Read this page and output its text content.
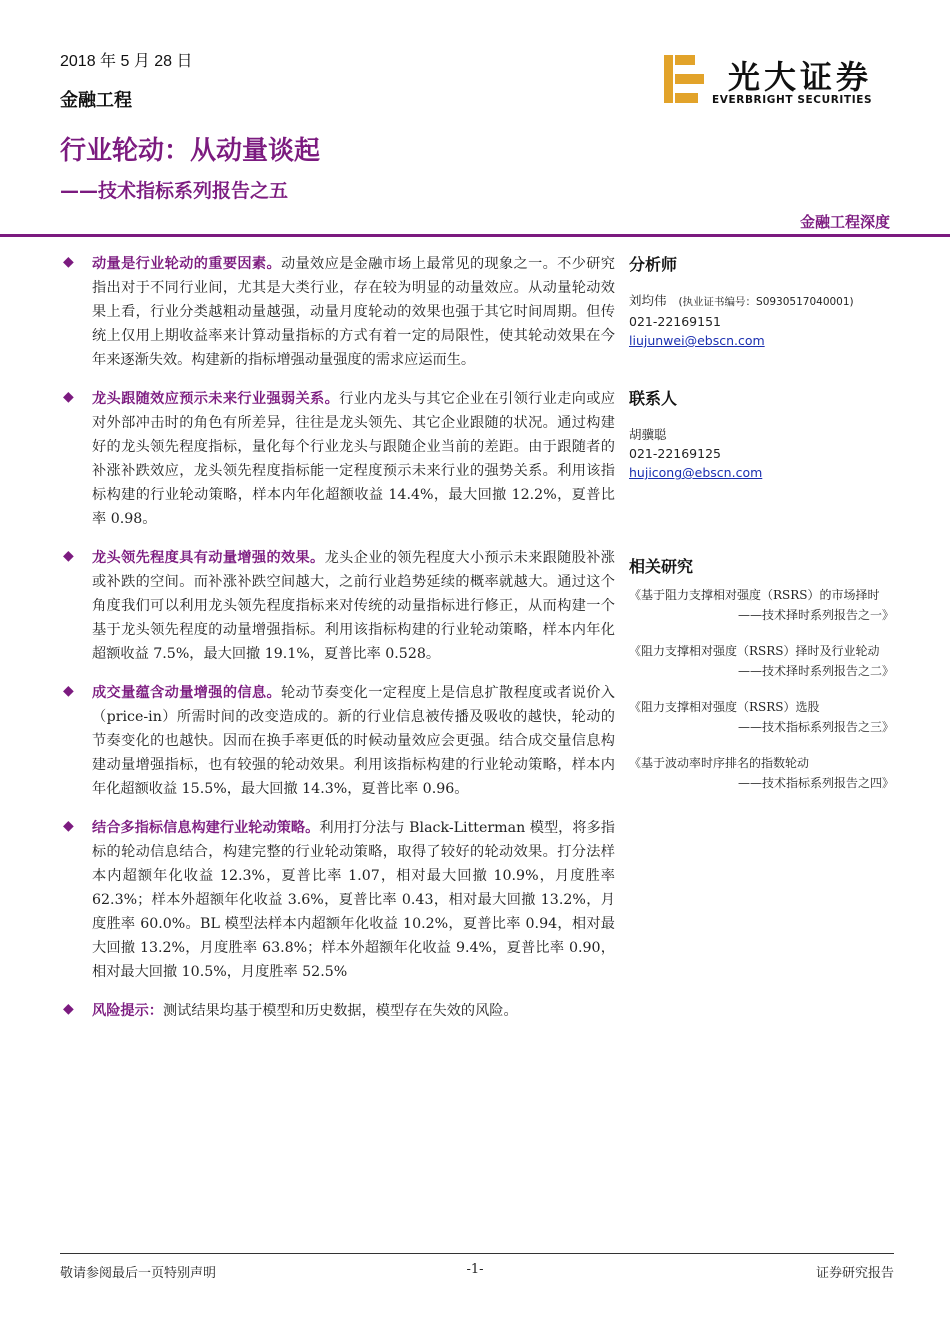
2018 年 5 月 28 日
金融工程
行业轮动：从动量谈起
——技术指标系列报告之五
金融工程深度
光大证券
EVERBRIGHT SECURITIES
◆ 动量是行业轮动的重要因素。动量效应是金融市场上最常见的现象之一。不少研究指出对于不同行业间，尤其是大类行业，存在较为明显的动量效应。从动量轮动效果上看，行业分类越粗动量越强，动量月度轮动的效果也强于其它时间周期。但传统上仅用上期收益率来计算动量指标的方式有着一定的局限性，使其轮动效果在今年来逐渐失效。构建新的指标增强动量强度的需求应运而生。

◆ 龙头跟随效应预示未来行业强弱关系。行业内龙头与其它企业在引领行业走向或应对外部冲击时的角色有所差异，往往是龙头领先、其它企业跟随的状况。通过构建好的龙头领先程度指标，量化每个行业龙头与跟随企业当前的差距。由于跟随者的补涨补跌效应，龙头领先程度指标能一定程度预示未来行业的强势关系。利用该指标构建的行业轮动策略，样本内年化超额收益 14.4%，最大回撤 12.2%，夏普比率 0.98。

◆ 龙头领先程度具有动量增强的效果。龙头企业的领先程度大小预示未来跟随股补涨或补跌的空间。而补涨补跌空间越大，之前行业趋势延续的概率就越大。通过这个角度我们可以利用龙头领先程度指标来对传统的动量指标进行修正，从而构建一个基于龙头领先程度的动量增强指标。利用该指标构建的行业轮动策略，样本内年化超额收益 7.5%，最大回撤 19.1%，夏普比率 0.528。

◆ 成交量蕴含动量增强的信息。轮动节奏变化一定程度上是信息扩散程度或者说价入（price-in）所需时间的改变造成的。新的行业信息被传播及吸收的越快，轮动的节奏变化的也越快。因而在换手率更低的时候动量效应会更强。结合成交量信息构建动量增强指标，也有较强的轮动效果。利用该指标构建的行业轮动策略，样本内年化超额收益 15.5%，最大回撤 14.3%，夏普比率 0.96。

◆ 结合多指标信息构建行业轮动策略。利用打分法与 Black-Litterman 模型，将多指标的轮动信息结合，构建完整的行业轮动策略，取得了较好的轮动效果。打分法样本内超额年化收益 12.3%，夏普比率 1.07，相对最大回撤 10.9%，月度胜率 62.3%；样本外超额年化收益 3.6%，夏普比率 0.43，相对最大回撤 13.2%，月度胜率 60.0%。BL 模型法样本内超额年化收益 10.2%，夏普比率 0.94，相对最大回撤 13.2%，月度胜率 63.8%；样本外超额年化收益 9.4%，夏普比率 0.90，相对最大回撤 10.5%，月度胜率 52.5%

◆ 风险提示：测试结果均基于模型和历史数据，模型存在失效的风险。

分析师
刘均伟 (执业证书编号：S0930517040001)
021-22169151
liujunwei@ebscn.com
联系人
胡骥聪
021-22169125
hujicong@ebscn.com
相关研究
《基于阻力支撑相对强度（RSRS）的市场择时
——技术择时系列报告之一》
《阻力支撑相对强度（RSRS）择时及行业轮动
——技术择时系列报告之二》
《阻力支撑相对强度（RSRS）选股
——技术指标系列报告之三》
《基于波动率时序排名的指数轮动
——技术指标系列报告之四》
敬请参阅最后一页特别声明	-1-	证券研究报告
